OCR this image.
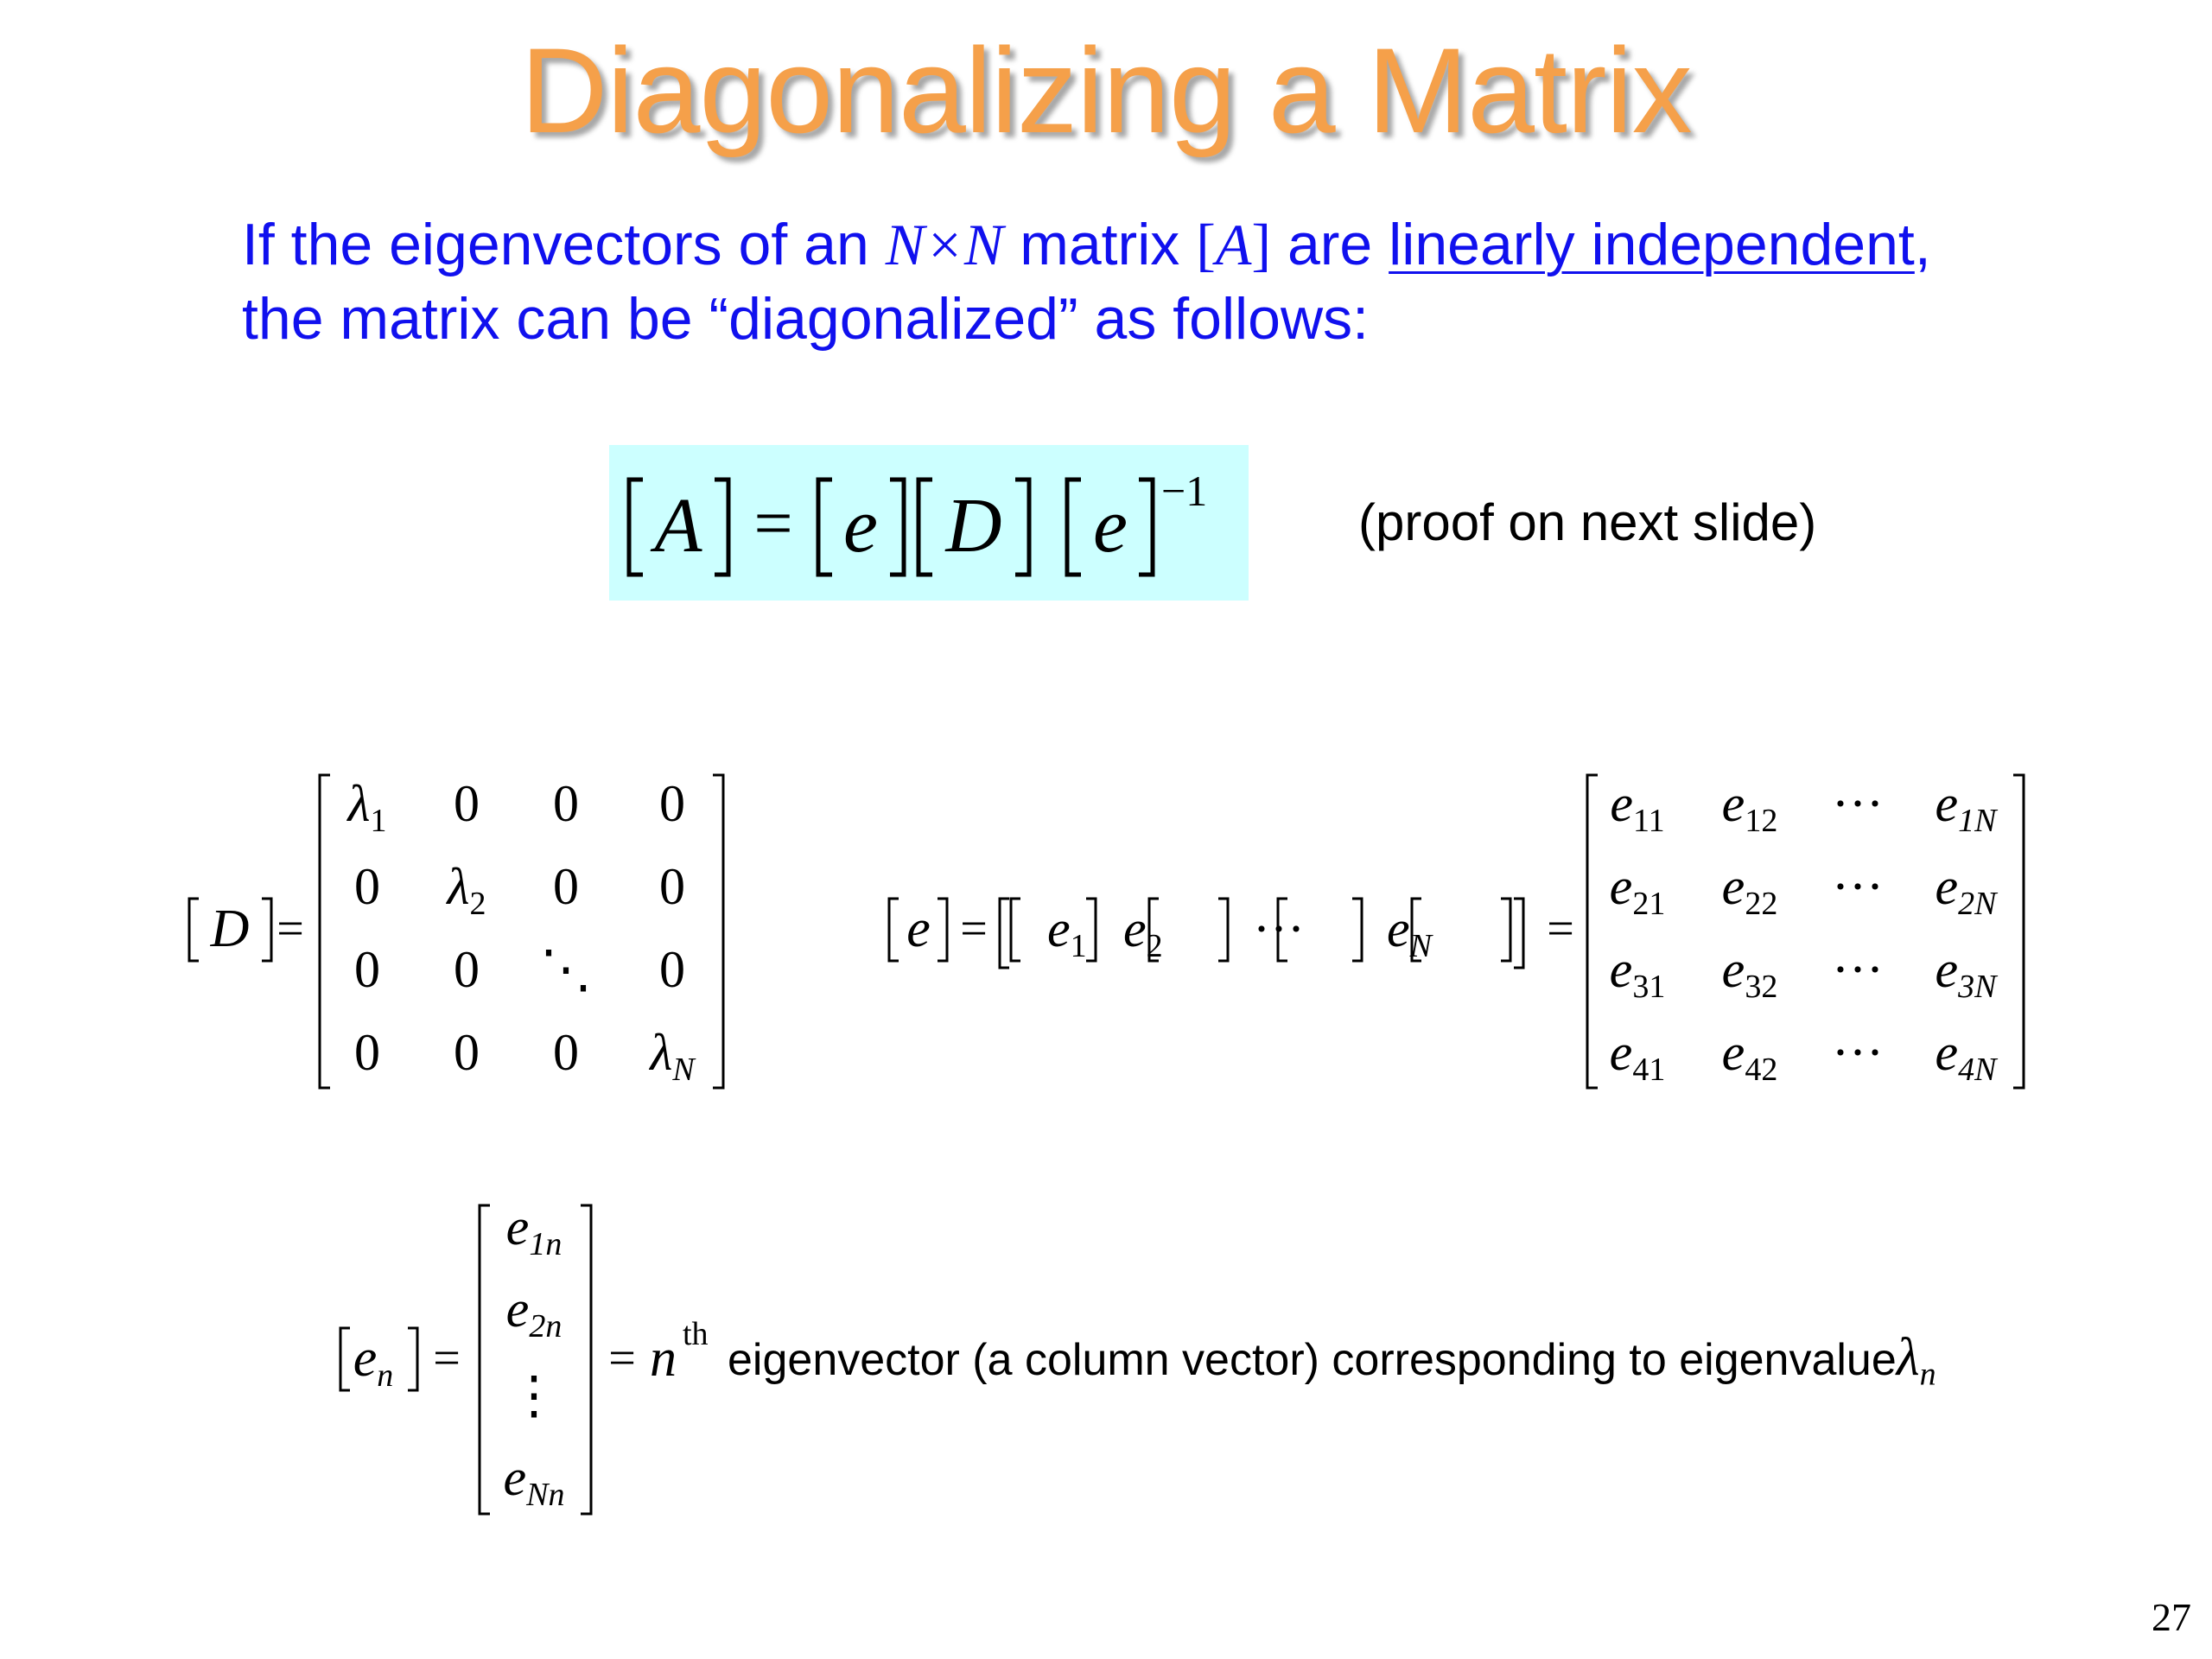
Diagonalizing a Matrix
If the eigenvectors of an N×N matrix [A] are linearly independent,
the matrix can be “diagonalized” as follows:
A = e D e −1
D =
$\lambda_1$ 0 0 0
0 $\lambda_2$ 0 0
0 0 ⋱ 0
0 0 0 $\lambda_N$
$e = e_1$ $e_2$ ··· $e_N$ =
$e_{11}$ $e_{12}$ ··· $e_{1N}$
$e_{21}$ $e_{22}$ ··· $e_{2N}$
$e_{31}$ $e_{32}$ ··· $e_{3N}$
$e_{41}$ $e_{42}$ ··· $e_{4N}$
en =
$e_{1n}$
$e_{2n}$
⋮
$e_{Nn}$
= n th
(proof on next slide)
eigenvector (a column vector) corresponding to eigenvalueλ$_n$
27
